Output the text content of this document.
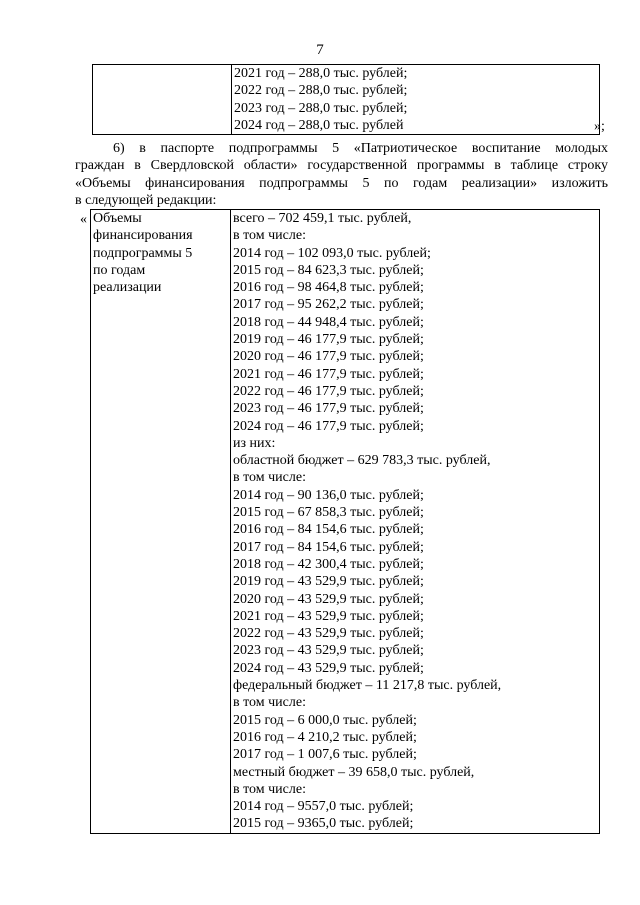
7

2021 год – 288,0 тыс. рублей;
2022 год – 288,0 тыс. рублей;
2023 год – 288,0 тыс. рублей;
2024 год – 288,0 тыс. рублей	»;
6) в паспорте подпрограммы 5 «Патриотическое воспитание молодых
граждан в Свердловской области» государственной программы в таблице строку
«Объемы финансирования подпрограммы 5 по годам реализации» изложить
в следующей редакции:
« Объемы
финансирования
подпрограммы 5
по годам
реализации

всего – 702 459,1 тыс. рублей,
в том числе:
2014 год – 102 093,0 тыс. рублей;
2015 год – 84 623,3 тыс. рублей;
2016 год – 98 464,8 тыс. рублей;
2017 год – 95 262,2 тыс. рублей;
2018 год – 44 948,4 тыс. рублей;
2019 год – 46 177,9 тыс. рублей;
2020 год – 46 177,9 тыс. рублей;
2021 год – 46 177,9 тыс. рублей;
2022 год – 46 177,9 тыс. рублей;
2023 год – 46 177,9 тыс. рублей;
2024 год – 46 177,9 тыс. рублей;
из них:
областной бюджет – 629 783,3 тыс. рублей,
в том числе:
2014 год – 90 136,0 тыс. рублей;
2015 год – 67 858,3 тыс. рублей;
2016 год – 84 154,6 тыс. рублей;
2017 год – 84 154,6 тыс. рублей;
2018 год – 42 300,4 тыс. рублей;
2019 год – 43 529,9 тыс. рублей;
2020 год – 43 529,9 тыс. рублей;
2021 год – 43 529,9 тыс. рублей;
2022 год – 43 529,9 тыс. рублей;
2023 год – 43 529,9 тыс. рублей;
2024 год – 43 529,9 тыс. рублей;
федеральный бюджет – 11 217,8 тыс. рублей,
в том числе:
2015 год – 6 000,0 тыс. рублей;
2016 год – 4 210,2 тыс. рублей;
2017 год – 1 007,6 тыс. рублей;
местный бюджет – 39 658,0 тыс. рублей,
в том числе:
2014 год – 9557,0 тыс. рублей;
2015 год – 9365,0 тыс. рублей;
